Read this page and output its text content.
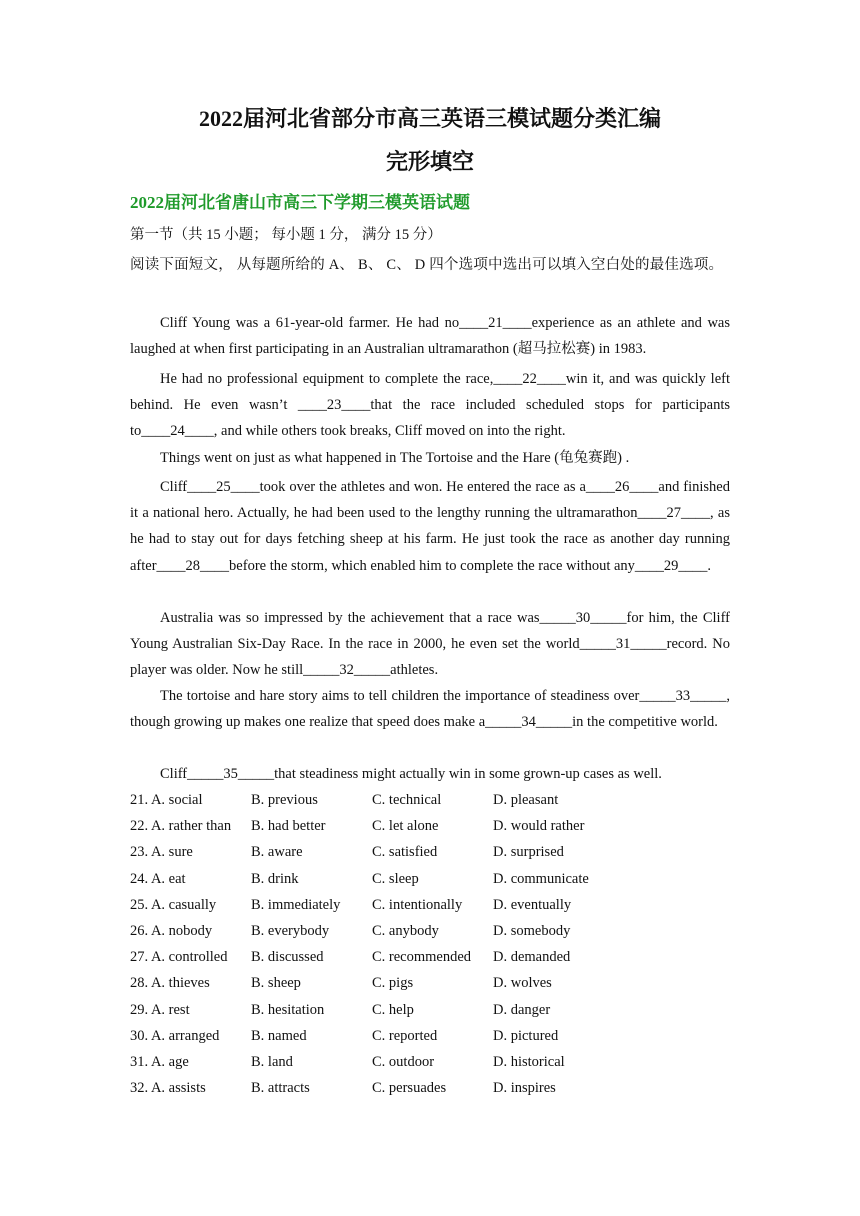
2022届河北省部分市高三英语三模试题分类汇编
完形填空
2022届河北省唐山市高三下学期三模英语试题
第一节（共 15 小题； 每小题 1 分， 满分 15 分）
阅读下面短文， 从每题所给的 A、 B、 C、 D 四个选项中选出可以填入空白处的最佳选项。
Cliff Young was a 61-year-old farmer. He had no____21____experience as an athlete and was laughed at when first participating in an Australian ultramarathon (超马拉松赛) in 1983.
He had no professional equipment to complete the race,____22____win it, and was quickly left behind. He even wasn’t ____23____that the race included scheduled stops for participants to____24____, and while others took breaks, Cliff moved on into the right.
Things went on just as what happened in The Tortoise and the Hare (龟兔赛跑) .
Cliff____25____took over the athletes and won. He entered the race as a____26____and finished it a national hero. Actually, he had been used to the lengthy running the ultramarathon____27____, as he had to stay out for days fetching sheep at his farm. He just took the race as another day running after____28____before the storm, which enabled him to complete the race without any____29____.
Australia was so impressed by the achievement that a race was_____30_____for him, the Cliff Young Australian Six-Day Race. In the race in 2000, he even set the world_____31_____record. No player was older. Now he still_____32_____athletes.
The tortoise and hare story aims to tell children the importance of steadiness over_____33_____, though growing up makes one realize that speed does make a_____34_____in the competitive world.
Cliff_____35_____that steadiness might actually win in some grown-up cases as well.
21. A. social	B. previous	C. technical	D. pleasant
22. A. rather than B. had better	C. let alone	D. would rather
23. A. sure	B. aware	C. satisfied	D. surprised
24. A. eat	B. drink	C. sleep	D. communicate
25. A. casually B. immediately C. intentionally D. eventually
26. A. nobody	B. everybody	C. anybody	D. somebody
27. A. controlled B. discussed	C. recommended D. demanded
28. A. thieves	B. sheep	C. pigs	D. wolves
29. A. rest	B. hesitation	C. help	D. danger
30. A. arranged B. named	C. reported	D. pictured
31. A. age	B. land	C. outdoor	D. historical
32. A. assists	B. attracts	C. persuades	D. inspires
